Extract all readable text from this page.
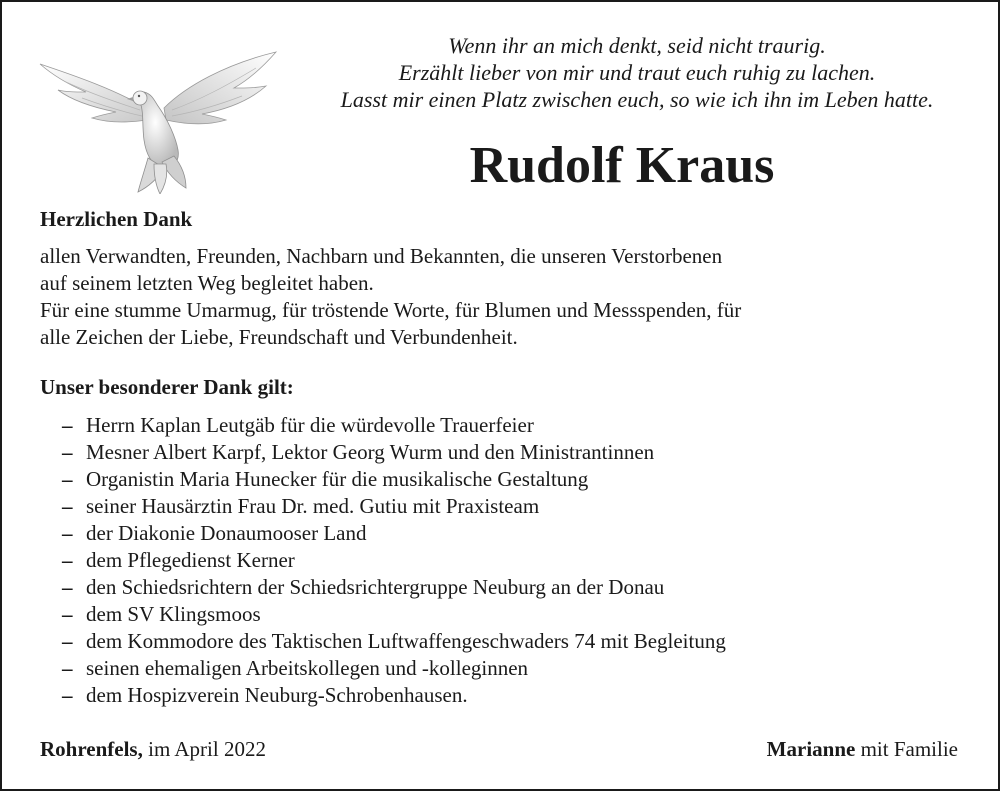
Wenn ihr an mich denkt, seid nicht traurig.
Erzählt lieber von mir und traut euch ruhig zu lachen.
Lasst mir einen Platz zwischen euch, so wie ich ihn im Leben hatte.
Rudolf Kraus
Herzlichen Dank
allen Verwandten, Freunden, Nachbarn und Bekannten, die unseren Verstorbenen
auf seinem letzten Weg begleitet haben.
Für eine stumme Umarmug, für tröstende Worte, für Blumen und Messspenden, für
alle Zeichen der Liebe, Freundschaft und Verbundenheit.
Unser besonderer Dank gilt:
– Herrn Kaplan Leutgäb für die würdevolle Trauerfeier
– Mesner Albert Karpf, Lektor Georg Wurm und den Ministrantinnen
– Organistin Maria Hunecker für die musikalische Gestaltung
– seiner Hausärztin Frau Dr. med. Gutiu mit Praxisteam
– der Diakonie Donaumooser Land
– dem Pflegedienst Kerner
– den Schiedsrichtern der Schiedsrichtergruppe Neuburg an der Donau
– dem SV Klingsmoos
– dem Kommodore des Taktischen Luftwaffengeschwaders 74 mit Begleitung
– seinen ehemaligen Arbeitskollegen und -kolleginnen
– dem Hospizverein Neuburg-Schrobenhausen.
Rohrenfels, im April 2022	Marianne mit Familie
